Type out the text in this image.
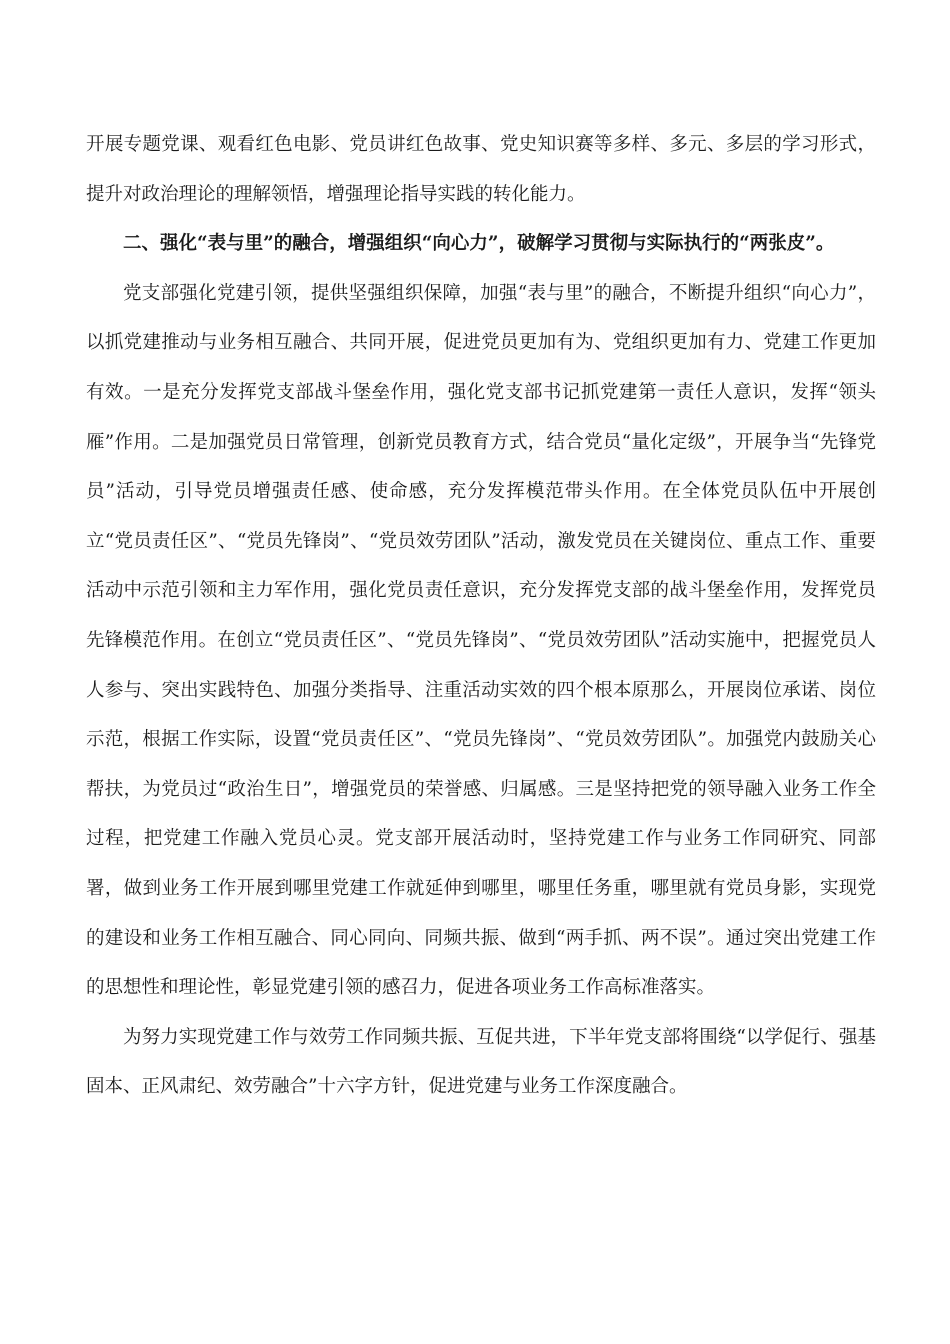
开展专题党课、观看红色电影、党员讲红色故事、党史知识赛等多样、多元、多层的学习形式，提升对政治理论的理解领悟，增强理论指导实践的转化能力。

二、强化“表与里”的融合，增强组织“向心力”，破解学习贯彻与实际执行的“两张皮”。

党支部强化党建引领，提供坚强组织保障，加强“表与里”的融合，不断提升组织“向心力”，以抓党建推动与业务相互融合、共同开展，促进党员更加有为、党组织更加有力、党建工作更加有效。一是充分发挥党支部战斗堡垒作用，强化党支部书记抓党建第一责任人意识，发挥“领头雁”作用。二是加强党员日常管理，创新党员教育方式，结合党员“量化定级”，开展争当“先锋党员”活动，引导党员增强责任感、使命感，充分发挥模范带头作用。在全体党员队伍中开展创立“党员责任区”、“党员先锋岗”、“党员效劳团队”活动，激发党员在关键岗位、重点工作、重要活动中示范引领和主力军作用，强化党员责任意识，充分发挥党支部的战斗堡垒作用，发挥党员先锋模范作用。在创立“党员责任区”、“党员先锋岗”、“党员效劳团队”活动实施中，把握党员人人参与、突出实践特色、加强分类指导、注重活动实效的四个根本原那么，开展岗位承诺、岗位示范，根据工作实际，设置“党员责任区”、“党员先锋岗”、“党员效劳团队”。加强党内鼓励关心帮扶，为党员过“政治生日”，增强党员的荣誉感、归属感。三是坚持把党的领导融入业务工作全过程，把党建工作融入党员心灵。党支部开展活动时，坚持党建工作与业务工作同研究、同部署，做到业务工作开展到哪里党建工作就延伸到哪里，哪里任务重，哪里就有党员身影，实现党的建设和业务工作相互融合、同心同向、同频共振、做到“两手抓、两不误”。通过突出党建工作的思想性和理论性，彰显党建引领的感召力，促进各项业务工作高标准落实。

为努力实现党建工作与效劳工作同频共振、互促共进，下半年党支部将围绕“以学促行、强基固本、正风肃纪、效劳融合”十六字方针，促进党建与业务工作深度融合。
